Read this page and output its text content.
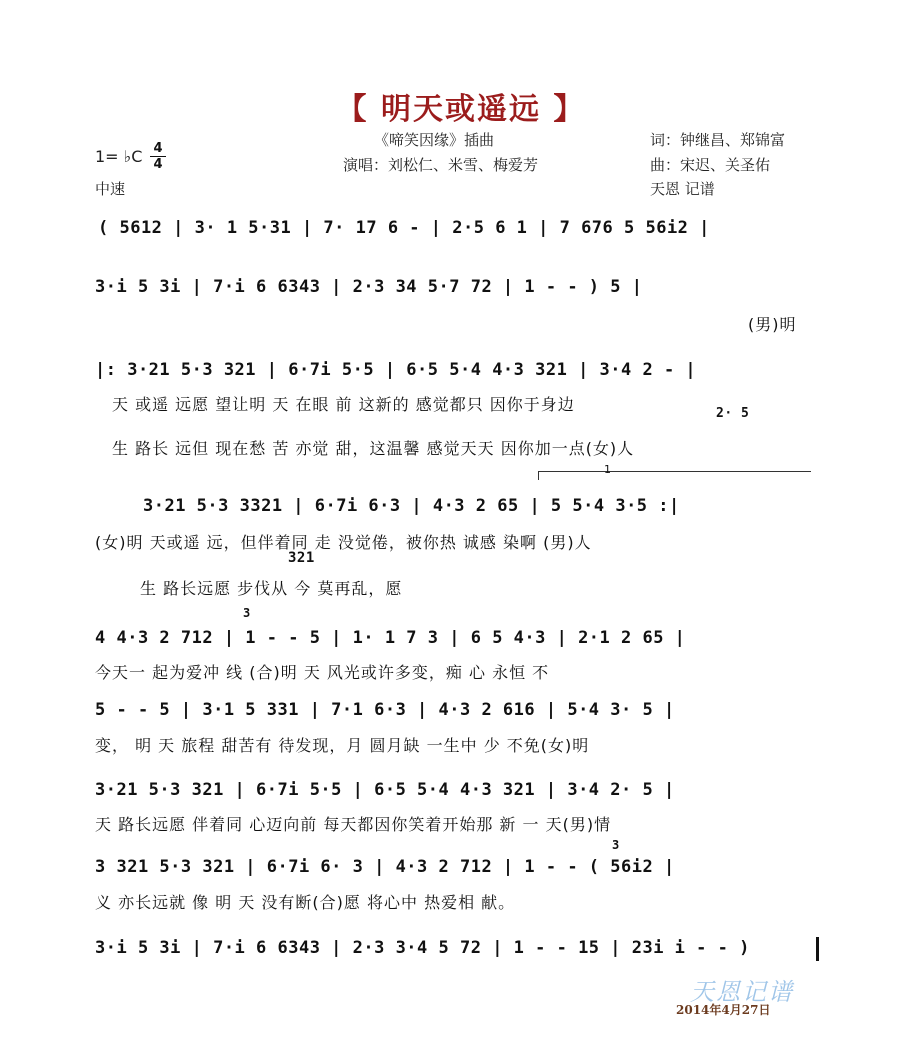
【 明天或遥远 】
1= ♭C 4
4
中速
《啼笑因缘》插曲
演唱：刘松仁、米雪、梅爱芳
词：钟继昌、郑锦富
曲：宋迟、关圣佑
天恩 记谱
( 5612 | 3· 1 5·31 | 7· 17 6 - | 2·5 6 1 | 7 676 5 56i2 |
3·i 5 3i | 7·i 6 6343 | 2·3 34 5·7 72 | 1 - - ) 5 |
(男)明
|: 3·21 5·3 321 | 6·7i 5·5 | 6·5 5·4 4·3 321 | 3·4 2 - |
天 或遥 远愿 望让明 天 在眼 前 这新的 感觉都只 因你于身边
生 路长 远但 现在愁 苦 亦觉 甜，这温馨 感觉天天 因你加一点(女)人
2· 5
1
3·21 5·3 3321 | 6·7i 6·3 | 4·3 2 65 | 5 5·4 3·5 :|
(女)明 天或遥 远，但伴着同 走 没觉倦，被你热 诚感 染啊 (男)人
321
生 路长远愿 步伐从 今 莫再乱，愿
3
4 4·3 2 712 | 1 - - 5 | 1· 1 7 3 | 6 5 4·3 | 2·1 2 65 |
今天一 起为爱冲 线 (合)明 天 风光或许多变，痴 心 永恒 不
5 - - 5 | 3·1 5 331 | 7·1 6·3 | 4·3 2 616 | 5·4 3· 5 |
变， 明 天 旅程 甜苦有 待发现，月 圆月缺 一生中 少 不免(女)明
3·21 5·3 321 | 6·7i 5·5 | 6·5 5·4 4·3 321 | 3·4 2· 5 |
天 路长远愿 伴着同 心迈向前 每天都因你笑着开始那 新 一 天(男)情
3
3 321 5·3 321 | 6·7i 6· 3 | 4·3 2 712 | 1 - - ( 56i2 |
义 亦长远就 像 明 天 没有断(合)愿 将心中 热爱相 献。
3·i 5 3i | 7·i 6 6343 | 2·3 3·4 5 72 | 1 - - 15 | 23i i - - )
天恩记谱
2014年4月27日
